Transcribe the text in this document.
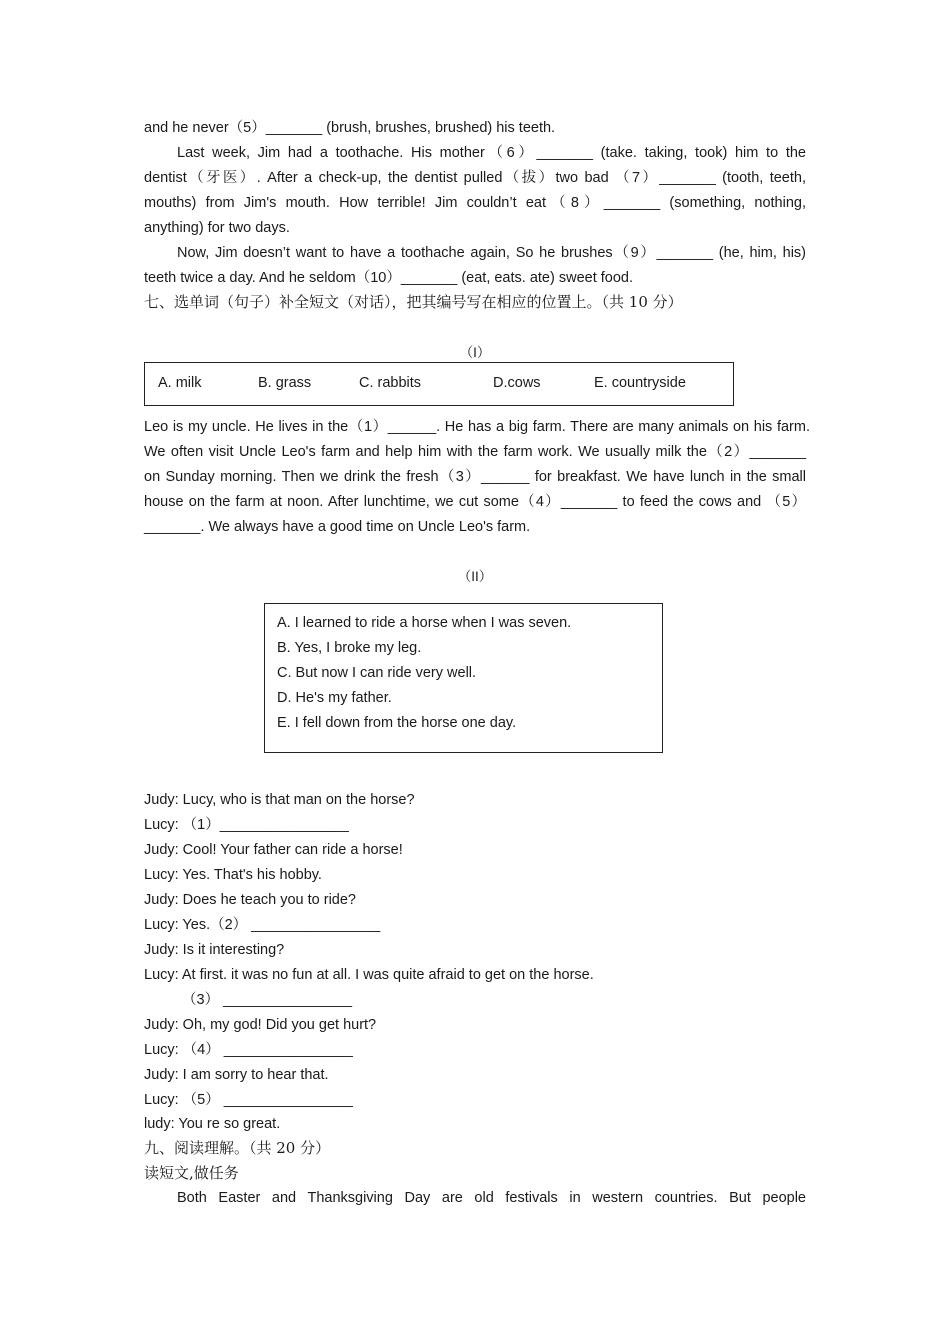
and he never（5）_______ (brush, brushes, brushed) his teeth.
Last week, Jim had a toothache. His mother（6）_______ (take. taking, took) him to the
dentist（牙医）. After a check-up, the dentist pulled（拔）two bad （7）_______ (tooth, teeth,
mouths) from Jim's mouth. How terrible! Jim couldn’t eat（8）_______ (something, nothing,
anything) for two days.
Now, Jim doesn’t want to have a toothache again, So he brushes（9）_______ (he, him, his)
teeth twice a day. And he seldom（10）_______ (eat, eats. ate) sweet food.
七、选单词（句子）补全短文（对话），把其编号写在相应的位置上。（共 10 分）
（I）
A. milk	B. grass	C. rabbits	D.cows	E. countryside
Leo is my uncle. He lives in the（1）______. He has a big farm. There are many animals on his farm.
We often visit Uncle Leo's farm and help him with the farm work. We usually milk the（2）_______
on Sunday morning. Then we drink the fresh（3）______ for breakfast. We have lunch in the small
house on the farm at noon. After lunchtime, we cut some（4）_______ to feed the cows and （5）
_______. We always have a good time on Uncle Leo's farm.
（II）
A. I learned to ride a horse when I was seven.
B. Yes, I broke my leg.
C. But now I can ride very well.
D. He's my father.
E. I fell down from the horse one day.
Judy: Lucy, who is that man on the horse?
Lucy: （1）________________
Judy: Cool! Your father can ride a horse!
Lucy: Yes. That's his hobby.
Judy: Does he teach you to ride?
Lucy: Yes.（2） ________________
Judy: Is it interesting?
Lucy: At first. it was no fun at all. I was quite afraid to get on the horse.
（3） ________________
Judy: Oh, my god! Did you get hurt?
Lucy: （4） ________________
Judy: I am sorry to hear that.
Lucy: （5） ________________
ludy: You re so great.
九、阅读理解。（共 20 分）
读短文,做任务
Both Easter and Thanksgiving Day are old festivals in western countries. But people
